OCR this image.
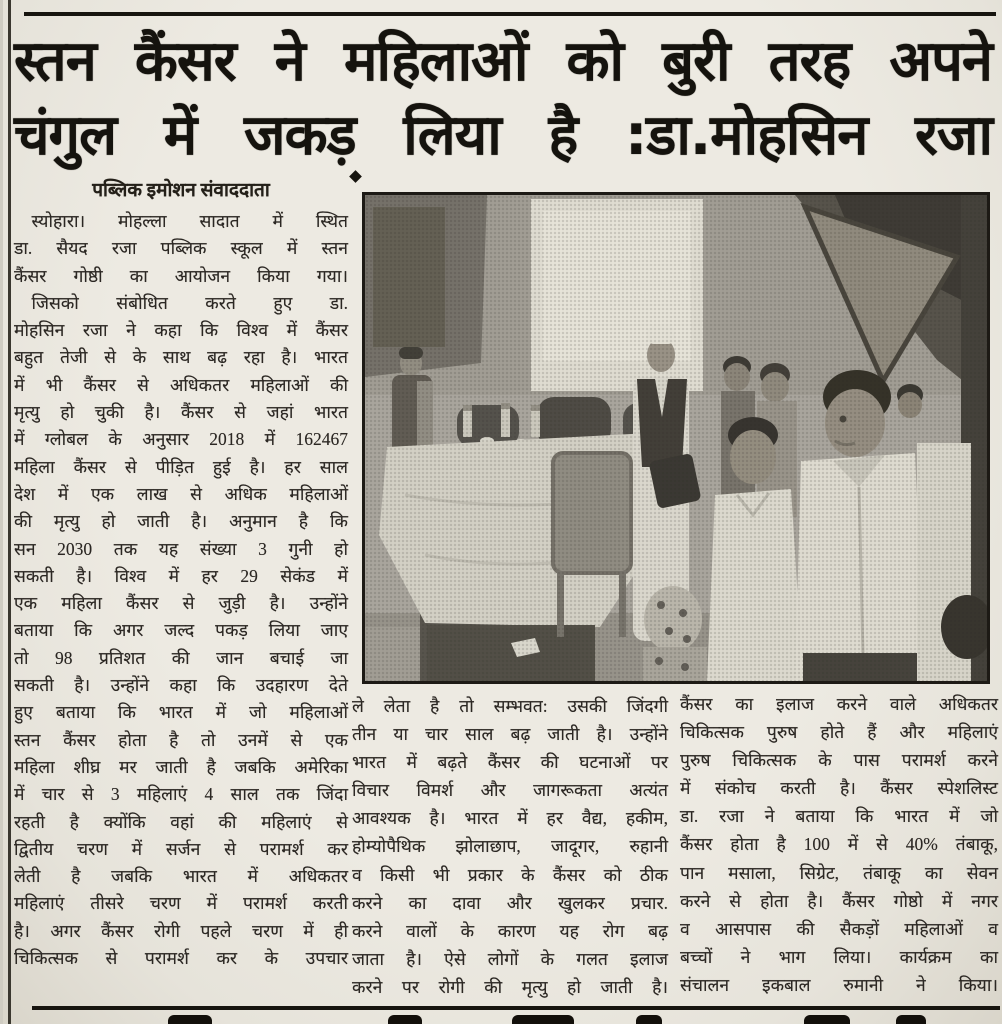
स्तन कैंसर ने महिलाओं को बुरी तरह अपने
चंगुल में जकड़ लिया है :डा.मोहसिन रजा
पब्लिक इमोशन संवाददाता
 स्योहारा। मोहल्ला सादात में स्थित
डा. सैयद रजा पब्लिक स्कूल में स्तन
कैंसर गोष्ठी का आयोजन किया गया।
 जिसको संबोधित करते हुए डा.
मोहसिन रजा ने कहा कि विश्व में कैंसर
बहुत तेजी से के साथ बढ़ रहा है। भारत
में भी कैंसर से अधिकतर महिलाओं की
मृत्यु हो चुकी है। कैंसर से जहां भारत
में ग्लोबल के अनुसार 2018 में 162467
महिला कैंसर से पीड़ित हुई है। हर साल
देश में एक लाख से अधिक महिलाओं
की मृत्यु हो जाती है। अनुमान है कि
सन 2030 तक यह संख्या 3 गुनी हो
सकती है। विश्व में हर 29 सेकंड में
एक महिला कैंसर से जुड़ी है। उन्होंने
बताया कि अगर जल्द पकड़ लिया जाए
तो 98 प्रतिशत की जान बचाई जा
सकती है। उन्होंने कहा कि उदहारण देते
हुए बताया कि भारत में जो महिलाओं
स्तन कैंसर होता है तो उनमें से एक
महिला शीघ्र मर जाती है जबकि अमेरिका
में चार से 3 महिलाएं 4 साल तक जिंदा
रहती है क्योंकि वहां की महिलाएं से
द्वितीय चरण में सर्जन से परामर्श कर
लेती है जबकि भारत में अधिकतर
महिलाएं तीसरे चरण में परामर्श करती
है। अगर कैंसर रोगी पहले चरण में ही
चिकित्सक से परामर्श कर के उपचार
ले लेता है तो सम्भवत: उसकी जिंदगी
तीन या चार साल बढ़ जाती है। उन्होंने
भारत में बढ़ते कैंसर की घटनाओं पर
विचार विमर्श और जागरूकता अत्यंत
आवश्यक है। भारत में हर वैद्य, हकीम,
होम्योपैथिक झोलाछाप, जादूगर, रुहानी
व किसी भी प्रकार के कैंसर को ठीक
करने का दावा और खुलकर प्रचार.
करने वालों के कारण यह रोग बढ़
जाता है। ऐसे लोगों के गलत इलाज
करने पर रोगी की मृत्यु हो जाती है।
कैंसर का इलाज करने वाले अधिकतर
चिकित्सक पुरुष होते हैं और महिलाएं
पुरुष चिकित्सक के पास परामर्श करने
में संकोच करती है। कैंसर स्पेशलिस्ट
डा. रजा ने बताया कि भारत में जो
कैंसर होता है 100 में से 40% तंबाकू,
पान मसाला, सिग्रेट, तंबाकू का सेवन
करने से होता है। कैंसर गोष्ठो में नगर
व आसपास की सैकड़ों महिलाओं व
बच्चों ने भाग लिया। कार्यक्रम का
संचालन इकबाल रुमानी ने किया।
